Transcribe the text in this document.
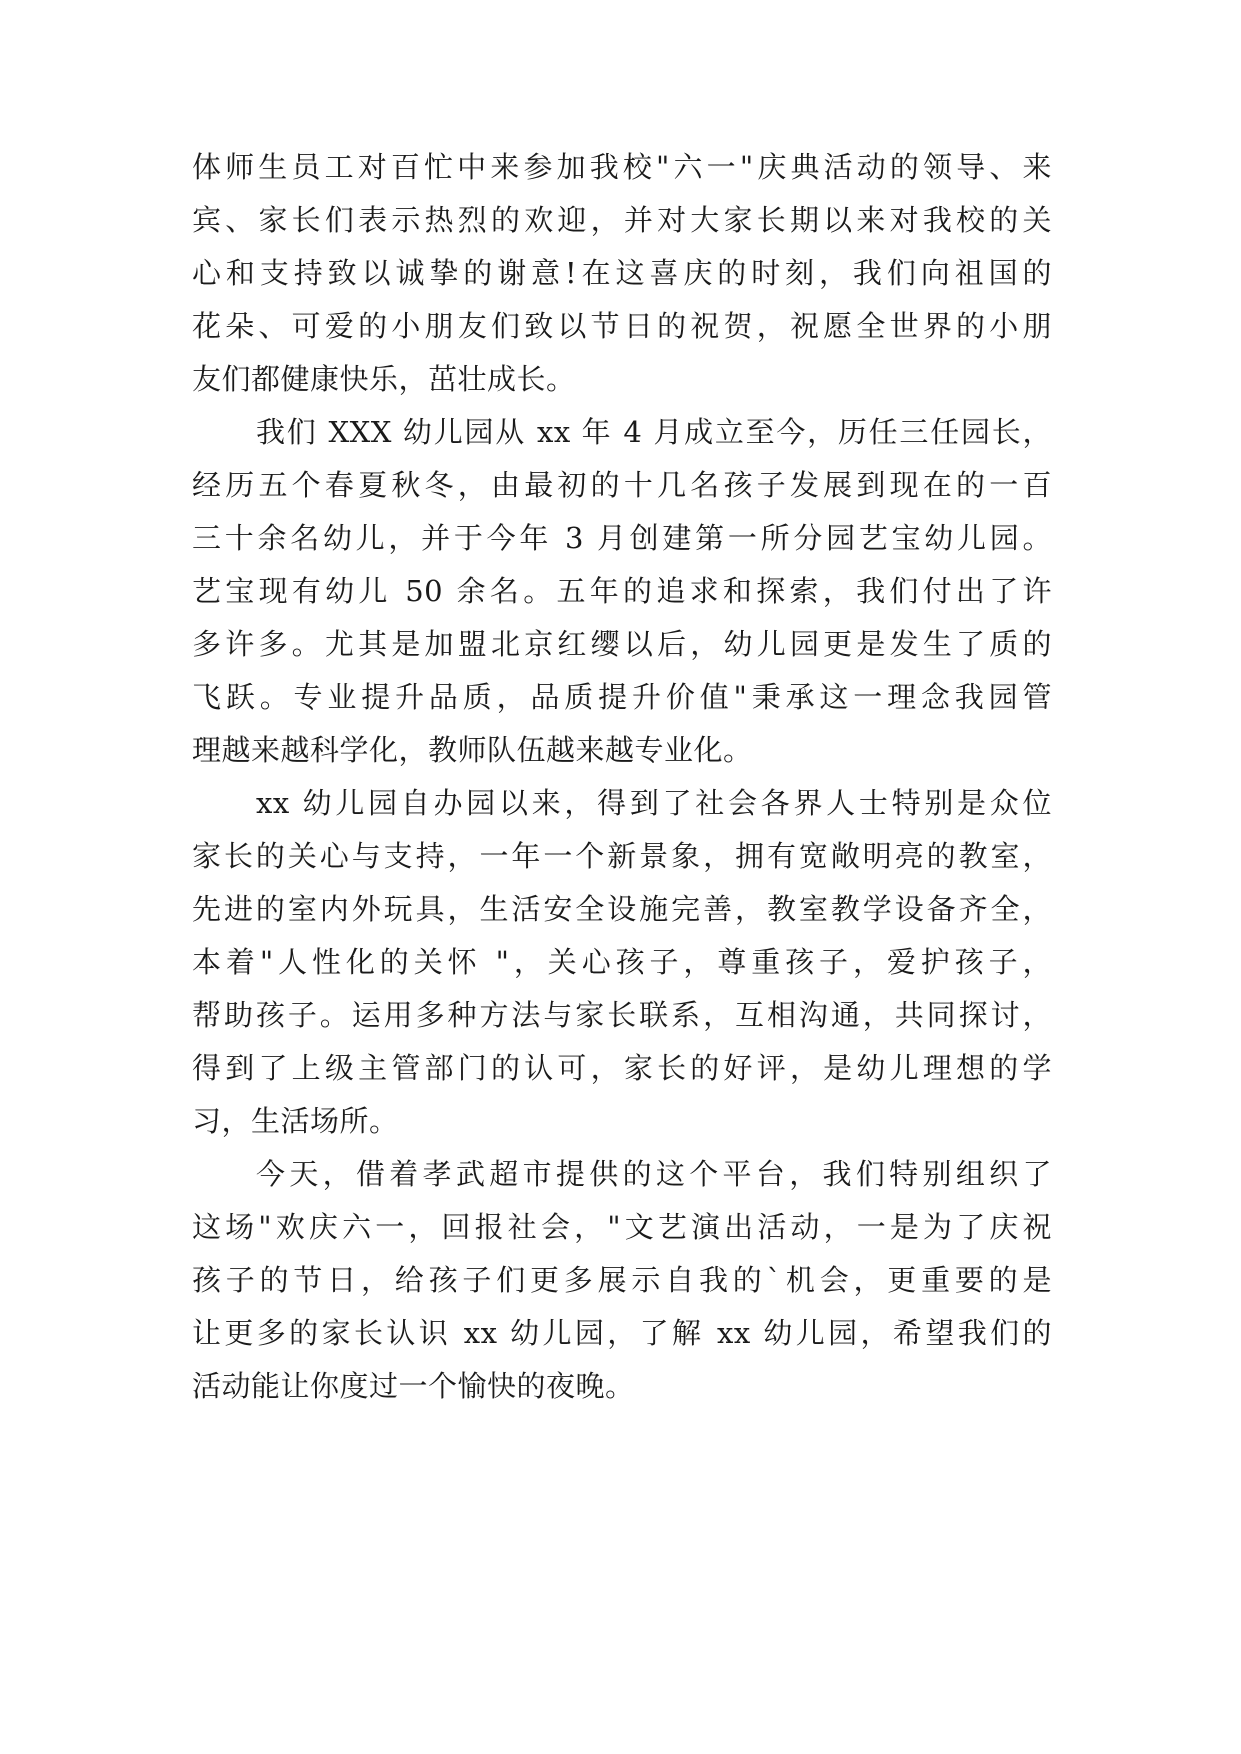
体师生员工对百忙中来参加我校"六一"庆典活动的领导、来

宾、家长们表示热烈的欢迎，并对大家长期以来对我校的关

心和支持致以诚挚的谢意!在这喜庆的时刻，我们向祖国的

花朵、可爱的小朋友们致以节日的祝贺，祝愿全世界的小朋

友们都健康快乐，茁壮成长。

我们 XXX 幼儿园从 xx 年 4 月成立至今，历任三任园长，

经历五个春夏秋冬，由最初的十几名孩子发展到现在的一百

三十余名幼儿，并于今年 3 月创建第一所分园艺宝幼儿园。

艺宝现有幼儿 50 余名。五年的追求和探索，我们付出了许

多许多。尤其是加盟北京红缨以后，幼儿园更是发生了质的

飞跃。专业提升品质，品质提升价值"秉承这一理念我园管

理越来越科学化，教师队伍越来越专业化。

xx 幼儿园自办园以来，得到了社会各界人士特别是众位

家长的关心与支持，一年一个新景象，拥有宽敞明亮的教室，

先进的室内外玩具，生活安全设施完善，教室教学设备齐全，

本着"人性化的关怀 "，关心孩子，尊重孩子，爱护孩子，

帮助孩子。运用多种方法与家长联系，互相沟通，共同探讨，

得到了上级主管部门的认可，家长的好评，是幼儿理想的学

习，生活场所。

今天，借着孝武超市提供的这个平台，我们特别组织了

这场"欢庆六一，回报社会，"文艺演出活动，一是为了庆祝

孩子的节日，给孩子们更多展示自我的`机会，更重要的是

让更多的家长认识 xx 幼儿园，了解 xx 幼儿园，希望我们的

活动能让你度过一个愉快的夜晚。
